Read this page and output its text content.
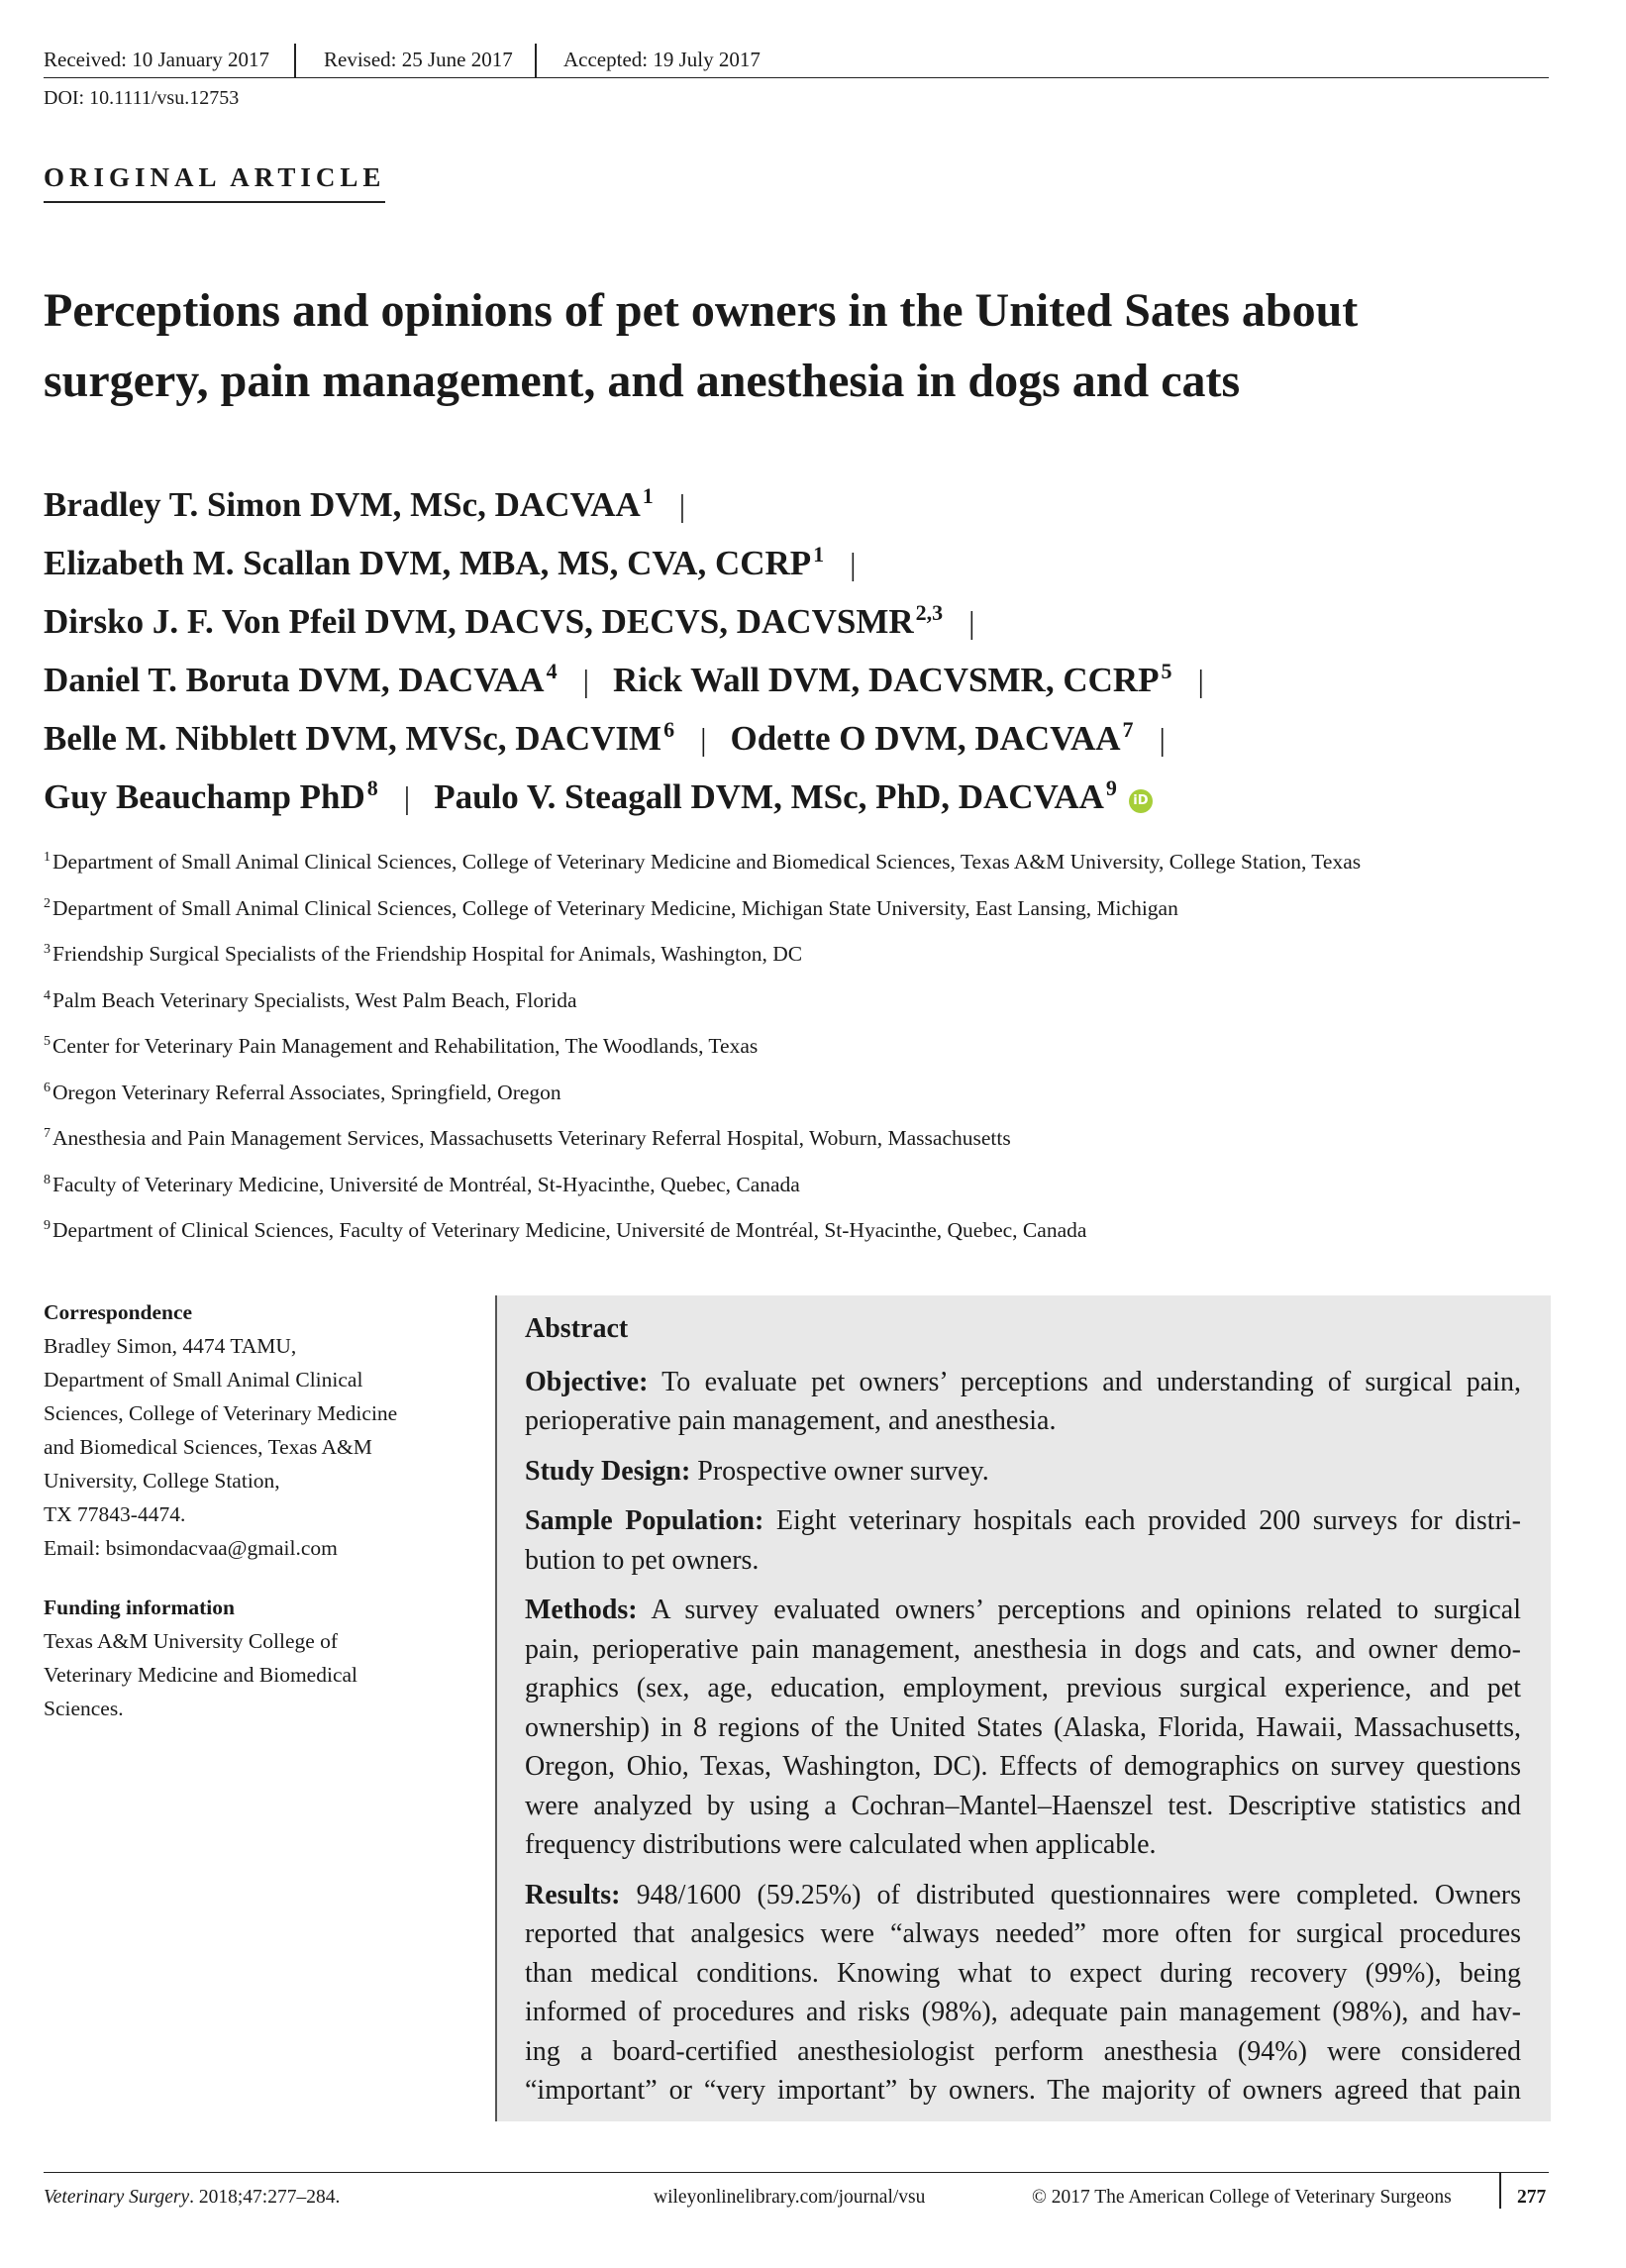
Received: 10 January 2017	Revised: 25 June 2017 Accepted: 19 July 2017
DOI: 10.1111/vsu.12753
ORIGINAL ARTICLE
Perceptions and opinions of pet owners in the United Sates about
surgery, pain management, and anesthesia in dogs and cats
Bradley T. Simon DVM, MSc, DACVAA$^1$ |
Elizabeth M. Scallan DVM, MBA, MS, CVA, CCRP$^1$ |
Dirsko J. F. Von Pfeil DVM, DACVS, DECVS, DACVSMR$^{2,3}$ |
Daniel T. Boruta DVM, DACVAA$^4$ | Rick Wall DVM, DACVSMR, CCRP$^5$ |
Belle M. Nibblett DVM, MVSc, DACVIM$^6$ | Odette O DVM, DACVAA$^7$ |
Guy Beauchamp PhD$^8$ | Paulo V. Steagall DVM, MSc, PhD, DACVAA$^9$iD
$^1$Department of Small Animal Clinical Sciences, College of Veterinary Medicine and Biomedical Sciences, Texas A&M University, College Station, Texas
$^2$Department of Small Animal Clinical Sciences, College of Veterinary Medicine, Michigan State University, East Lansing, Michigan
$^3$Friendship Surgical Specialists of the Friendship Hospital for Animals, Washington, DC
$^4$Palm Beach Veterinary Specialists, West Palm Beach, Florida
$^5$Center for Veterinary Pain Management and Rehabilitation, The Woodlands, Texas
$^6$Oregon Veterinary Referral Associates, Springfield, Oregon
$^7$Anesthesia and Pain Management Services, Massachusetts Veterinary Referral Hospital, Woburn, Massachusetts
$^8$Faculty of Veterinary Medicine, Université de Montréal, St-Hyacinthe, Quebec, Canada
$^9$Department of Clinical Sciences, Faculty of Veterinary Medicine, Université de Montréal, St-Hyacinthe, Quebec, Canada
Correspondence
Bradley Simon, 4474 TAMU,
Department of Small Animal Clinical
Sciences, College of Veterinary Medicine
and Biomedical Sciences, Texas A&M
University, College Station,
TX 77843-4474.
Email: bsimondacvaa@gmail.com
Funding information
Texas A&M University College of
Veterinary Medicine and Biomedical
Sciences.
Abstract
Objective: To evaluate pet owners’ perceptions and understanding of surgical pain,
perioperative pain management, and anesthesia.
Study Design: Prospective owner survey.
Sample Population: Eight veterinary hospitals each provided 200 surveys for distri-
bution to pet owners.
Methods: A survey evaluated owners’ perceptions and opinions related to surgical
pain, perioperative pain management, anesthesia in dogs and cats, and owner demo-
graphics (sex, age, education, employment, previous surgical experience, and pet
ownership) in 8 regions of the United States (Alaska, Florida, Hawaii, Massachusetts,
Oregon, Ohio, Texas, Washington, DC). Effects of demographics on survey questions
were analyzed by using a Cochran–Mantel–Haenszel test. Descriptive statistics and
frequency distributions were calculated when applicable.
Results: 948/1600 (59.25%) of distributed questionnaires were completed. Owners
reported that analgesics were “always needed” more often for surgical procedures
than medical conditions. Knowing what to expect during recovery (99%), being
informed of procedures and risks (98%), adequate pain management (98%), and hav-
ing a board-certified anesthesiologist perform anesthesia (94%) were considered
“important” or “very important” by owners. The majority of owners agreed that pain
Veterinary Surgery. 2018;47:277–284.	wileyonlinelibrary.com/journal/vsu	© 2017 The American College of Veterinary Surgeons	277
